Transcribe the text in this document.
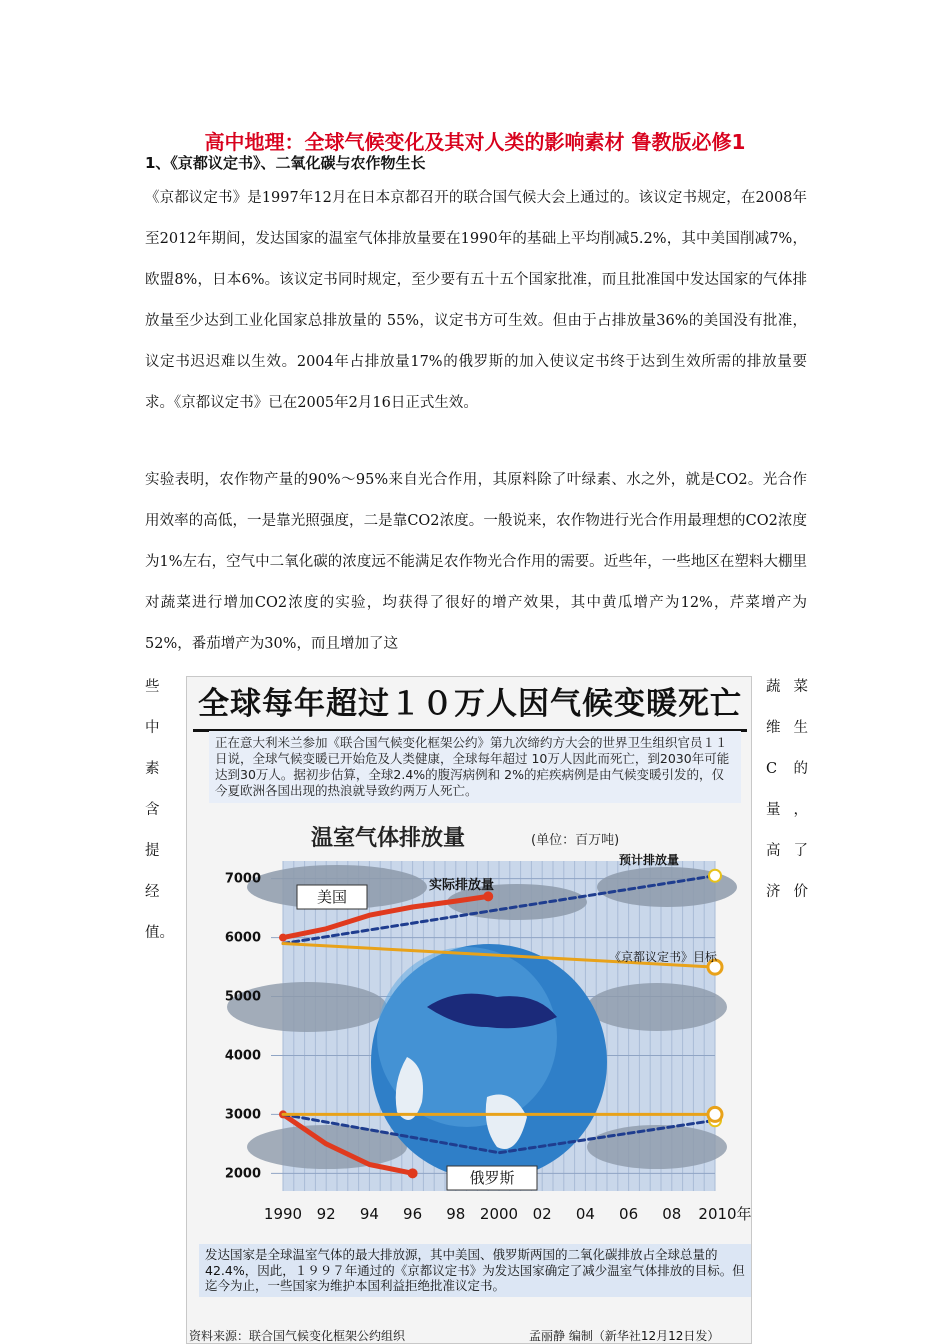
高中地理：全球气候变化及其对人类的影响素材 鲁教版必修1
1、《京都议定书》、二氧化碳与农作物生长

《京都议定书》是1997年12月在日本京都召开的联合国气候大会上通过的。该议定书规定，在2008年至2012年期间，发达国家的温室气体排放量要在1990年的基础上平均削减5.2%，其中美国削减7%，欧盟8%，日本6%。该议定书同时规定，至少要有五十五个国家批准，而且批准国中发达国家的气体排放量至少达到工业化国家总排放量的 55%，议定书方可生效。但由于占排放量36%的美国没有批准，议定书迟迟难以生效。2004年占排放量17%的俄罗斯的加入使议定书终于达到生效所需的排放量要求。《京都议定书》已在2005年2月16日正式生效。

实验表明，农作物产量的90%～95%来自光合作用，其原料除了叶绿素、水之外，就是CO2。光合作用效率的高低，一是靠光照强度，二是靠CO2浓度。一般说来，农作物进行光合作用最理想的CO2浓度为1%左右，空气中二氧化碳的浓度远不能满足农作物光合作用的需要。近些年，一些地区在塑料大棚里对蔬菜进行增加CO2浓度的实验，均获得了很好的增产效果，其中黄瓜增产为12%，芹菜增产为52%，番茄增产为30%，而且增加了这

些
中
素
含
提
经
值。
蔬 菜
维 生
C 的
量 ，
高 了
济 价
全球每年超过１０万人因气候变暖死亡
正在意大利米兰参加《联合国气候变化框架公约》第九次缔约方大会的世界卫生组织官员１１日说，全球气候变暖已开始危及人类健康，全球每年超过 10万人因此而死亡，到2030年可能达到30万人。据初步估算，全球2.4%的腹泻病例和 2%的疟疾病例是由气候变暖引发的，仅今夏欧洲各国出现的热浪就导致约两万人死亡。
2000
3000
4000
5000
6000
7000
1990 92 94 96 98 2000 02 04 06 08 2010年
美国
俄罗斯
实际排放量
预计排放量
《京都议定书》目标
温室气体排放量	(单位：百万吨)
发达国家是全球温室气体的最大排放源，其中美国、俄罗斯两国的二氧化碳排放占全球总量的42.4%，因此，１９９７年通过的《京都议定书》为发达国家确定了减少温室气体排放的目标。但迄今为止，一些国家为维护本国利益拒绝批准议定书。
资料来源：联合国气候变化框架公约组织	孟丽静 编制（新华社12月12日发）
